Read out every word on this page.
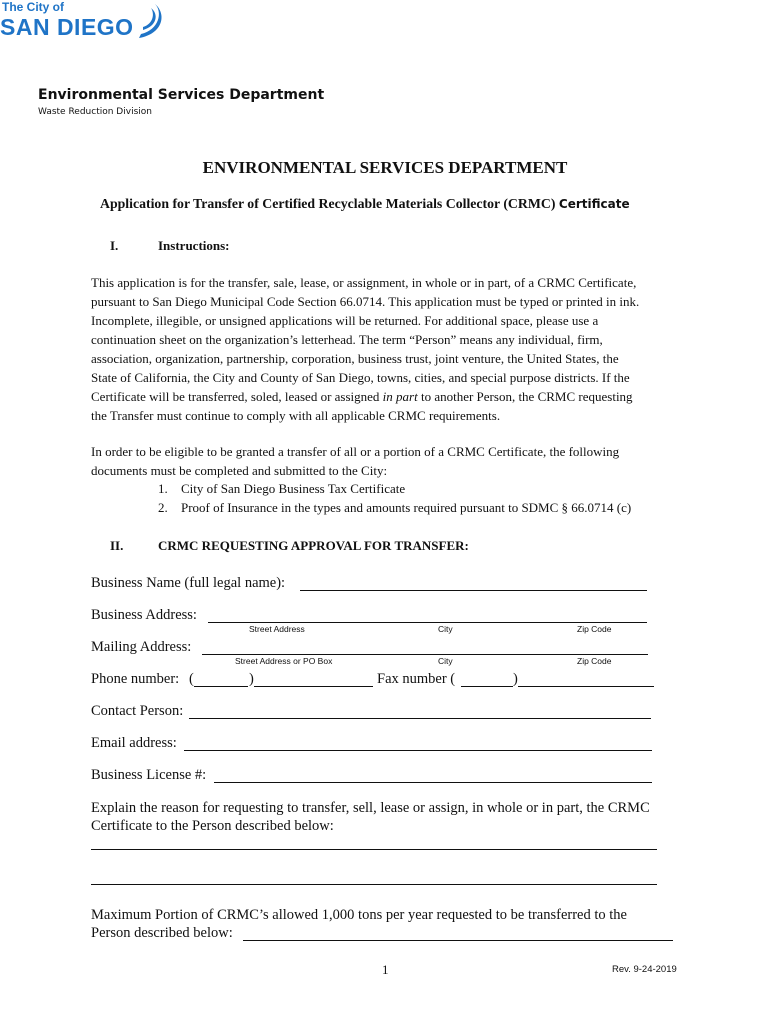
The City of
SAN DIEGO
Environmental Services Department
Waste Reduction Division
ENVIRONMENTAL SERVICES DEPARTMENT
Application for Transfer of Certified Recyclable Materials Collector (CRMC) Certificate
I.	Instructions:
This application is for the transfer, sale, lease, or assignment, in whole or in part, of a CRMC Certificate,
pursuant to San Diego Municipal Code Section 66.0714. This application must be typed or printed in ink.
Incomplete, illegible, or unsigned applications will be returned. For additional space, please use a
continuation sheet on the organization’s letterhead. The term “Person” means any individual, firm,
association, organization, partnership, corporation, business trust, joint venture, the United States, the
State of California, the City and County of San Diego, towns, cities, and special purpose districts. If the
Certificate will be transferred, soled, leased or assigned in part to another Person, the CRMC requesting
the Transfer must continue to comply with all applicable CRMC requirements.
In order to be eligible to be granted a transfer of all or a portion of a CRMC Certificate, the following
documents must be completed and submitted to the City:
1. City of San Diego Business Tax Certificate
2. Proof of Insurance in the types and amounts required pursuant to SDMC § 66.0714 (c)
II.	CRMC REQUESTING APPROVAL FOR TRANSFER:
Business Name (full legal name):
Business Address:
Street Address	City	Zip Code
Mailing Address:
Street Address or PO Box	City	Zip Code
Phone number: (	)	Fax number (	)
Contact Person:
Email address:
Business License #:
Explain the reason for requesting to transfer, sell, lease or assign, in whole or in part, the CRMC
Certificate to the Person described below:
Maximum Portion of CRMC’s allowed 1,000 tons per year requested to be transferred to the
Person described below:
1	Rev. 9-24-2019
